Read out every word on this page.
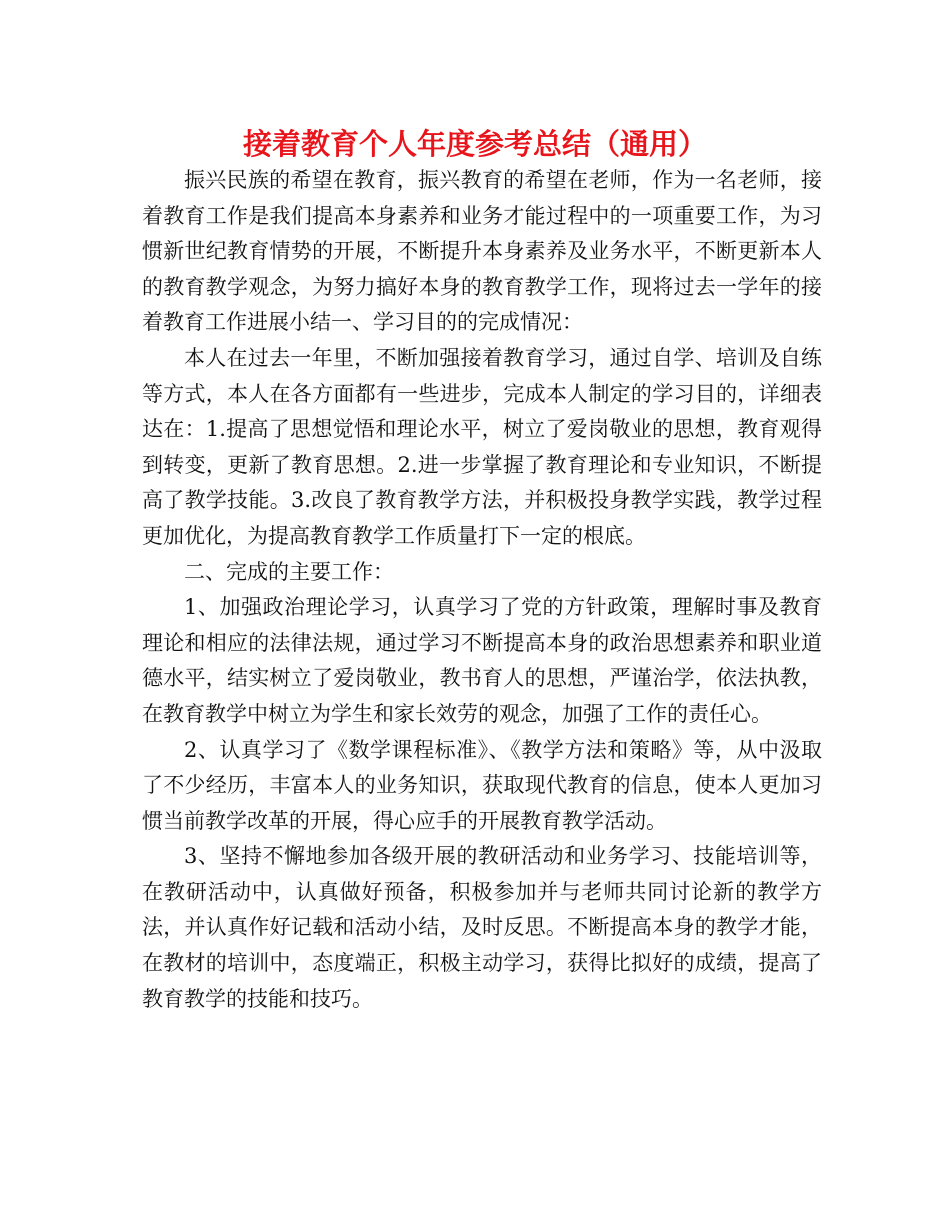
接着教育个人年度参考总结（通用）

振兴民族的希望在教育，振兴教育的希望在老师，作为一名老师，接着教育工作是我们提高本身素养和业务才能过程中的一项重要工作，为习惯新世纪教育情势的开展，不断提升本身素养及业务水平，不断更新本人的教育教学观念，为努力搞好本身的教育教学工作，现将过去一学年的接着教育工作进展小结一、学习目的的完成情况：

本人在过去一年里，不断加强接着教育学习，通过自学、培训及自练等方式，本人在各方面都有一些进步，完成本人制定的学习目的，详细表达在：1.提高了思想觉悟和理论水平，树立了爱岗敬业的思想，教育观得到转变，更新了教育思想。2.进一步掌握了教育理论和专业知识，不断提高了教学技能。3.改良了教育教学方法，并积极投身教学实践，教学过程更加优化，为提高教育教学工作质量打下一定的根底。

二、完成的主要工作：

1、加强政治理论学习，认真学习了党的方针政策，理解时事及教育理论和相应的法律法规，通过学习不断提高本身的政治思想素养和职业道德水平，结实树立了爱岗敬业，教书育人的思想，严谨治学，依法执教，在教育教学中树立为学生和家长效劳的观念，加强了工作的责任心。

2、认真学习了《数学课程标准》、《教学方法和策略》等，从中汲取了不少经历，丰富本人的业务知识，获取现代教育的信息，使本人更加习惯当前教学改革的开展，得心应手的开展教育教学活动。

3、坚持不懈地参加各级开展的教研活动和业务学习、技能培训等，在教研活动中，认真做好预备，积极参加并与老师共同讨论新的教学方法，并认真作好记载和活动小结，及时反思。不断提高本身的教学才能，在教材的培训中，态度端正，积极主动学习，获得比拟好的成绩，提高了教育教学的技能和技巧。
